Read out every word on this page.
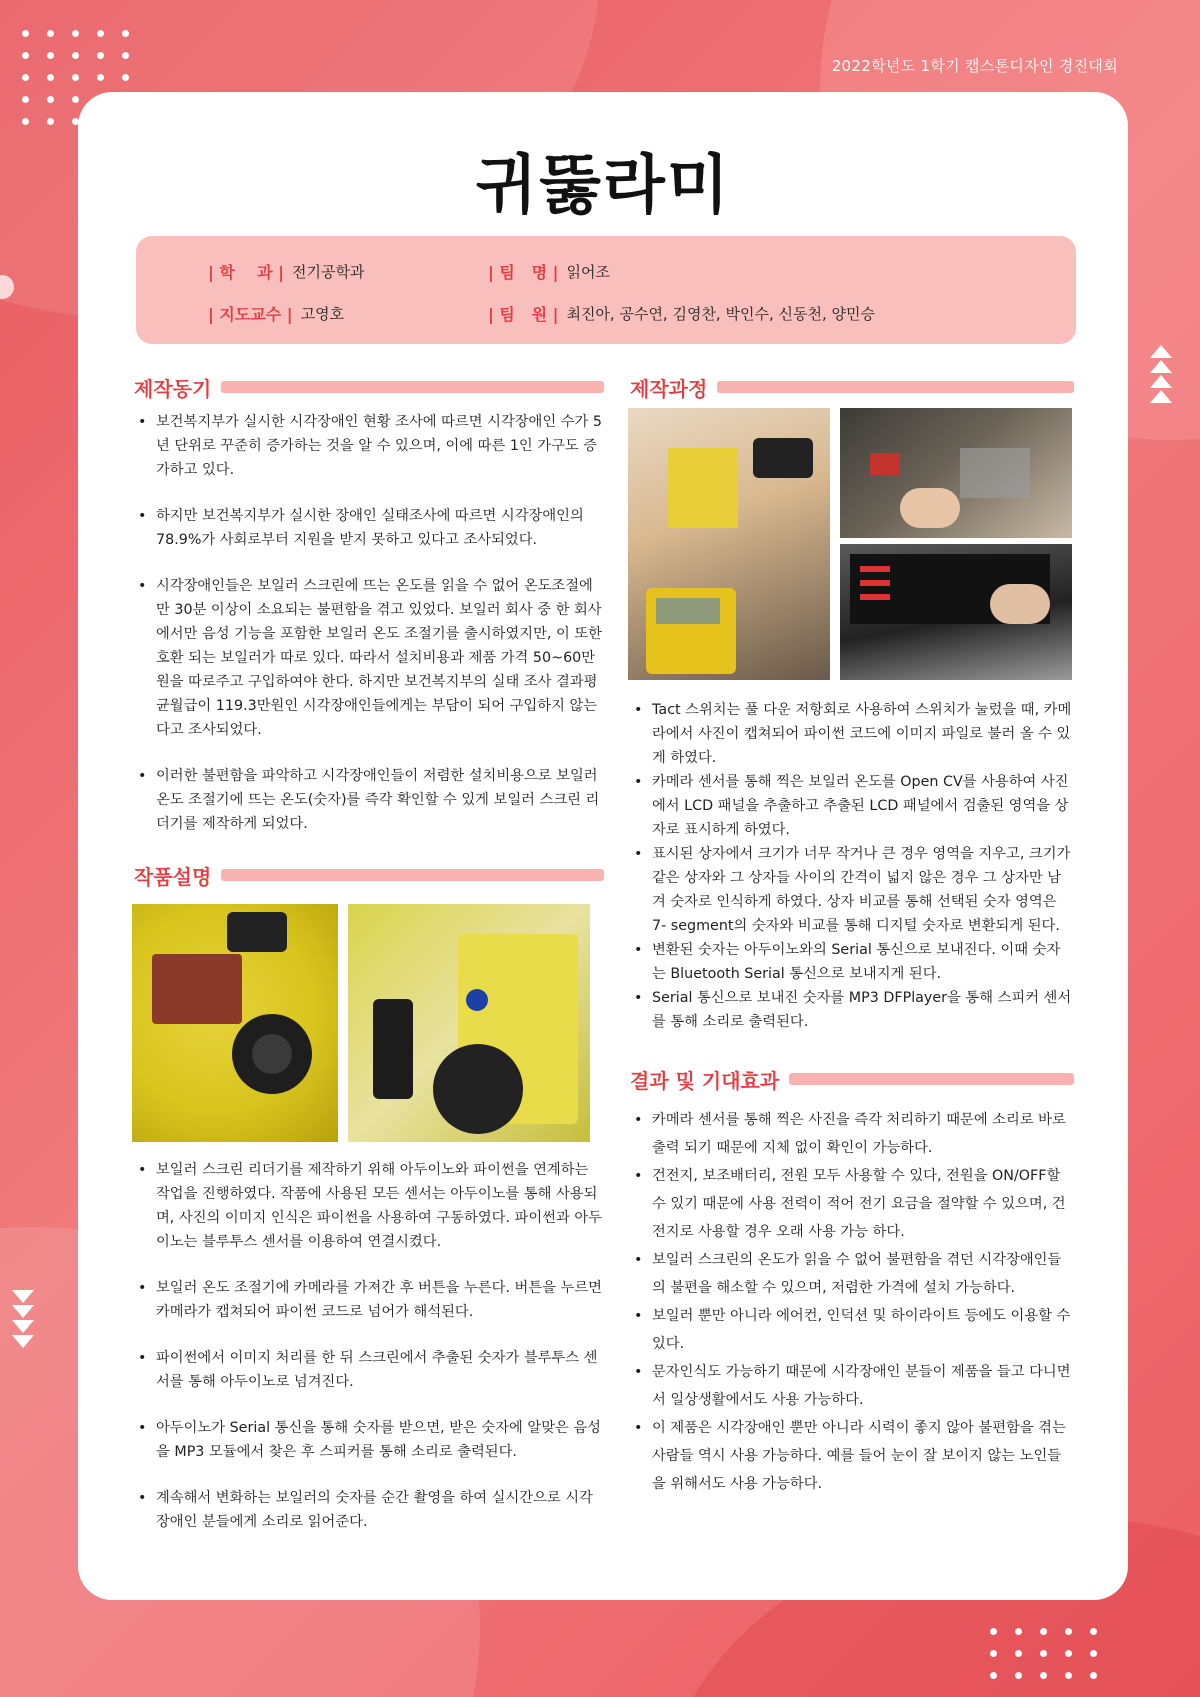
2022학년도 1학기 캡스톤디자인 경진대회
귀뚫라미
| 학    과 | 전기공학과
| 지도교수 | 고영호
| 팀   명 | 읽어조
| 팀   원 | 최진아, 공수연, 김영찬, 박인수, 신동천, 양민승
제작동기
• 보건복지부가 실시한 시각장애인 현황 조사에 따르면 시각장애인 수가 5년 단위로 꾸준히 증가하는 것을 알 수 있으며, 이에 따른 1인 가구도 증가하고 있다.
• 하지만 보건복지부가 실시한 장애인 실태조사에 따르면 시각장애인의 78.9%가 사회로부터 지원을 받지 못하고 있다고 조사되었다.
• 시각장애인들은 보일러 스크린에 뜨는 온도를 읽을 수 없어 온도조절에만 30분 이상이 소요되는 불편함을 겪고 있었다. 보일러 회사 중 한 회사에서만 음성 기능을 포함한 보일러 온도 조절기를 출시하였지만, 이 또한 호환 되는 보일러가 따로 있다. 따라서 설치비용과 제품 가격 50~60만원을 따로주고 구입하여야 한다. 하지만 보건복지부의 실태 조사 결과평균월급이 119.3만원인 시각장애인들에게는 부담이 되어 구입하지 않는다고 조사되었다.
• 이러한 불편함을 파악하고 시각장애인들이 저렴한 설치비용으로 보일러 온도 조절기에 뜨는 온도(숫자)를 즉각 확인할 수 있게 보일러 스크린 리더기를 제작하게 되었다.
작품설명
• 보일러 스크린 리더기를 제작하기 위해 아두이노와 파이썬을 연계하는 작업을 진행하였다. 작품에 사용된 모든 센서는 아두이노를 통해 사용되며, 사진의 이미지 인식은 파이썬을 사용하여 구동하였다. 파이썬과 아두이노는 블루투스 센서를 이용하여 연결시켰다.
• 보일러 온도 조절기에 카메라를 가져간 후 버튼을 누른다. 버튼을 누르면 카메라가 캡쳐되어 파이썬 코드로 넘어가 해석된다.
• 파이썬에서 이미지 처리를 한 뒤 스크린에서 추출된 숫자가 블루투스 센서를 통해 아두이노로 넘겨진다.
• 아두이노가 Serial 통신을 통해 숫자를 받으면, 받은 숫자에 알맞은 음성을 MP3 모듈에서 찾은 후 스피커를 통해 소리로 출력된다.
• 계속해서 변화하는 보일러의 숫자를 순간 촬영을 하여 실시간으로 시각장애인 분들에게 소리로 읽어준다.
제작과정
• Tact 스위치는 풀 다운 저항회로 사용하여 스위치가 눌렀을 때, 카메라에서 사진이 캡쳐되어 파이썬 코드에 이미지 파일로 불러 올 수 있게 하였다.
• 카메라 센서를 통해 찍은 보일러 온도를 Open CV를 사용하여 사진에서 LCD 패널을 추출하고 추출된 LCD 패널에서 검출된 영역을 상자로 표시하게 하였다.
• 표시된 상자에서 크기가 너무 작거나 큰 경우 영역을 지우고, 크기가 같은 상자와 그 상자들 사이의 간격이 넓지 않은 경우 그 상자만 남겨 숫자로 인식하게 하였다. 상자 비교를 통해 선택된 숫자 영역은 7- segment의 숫자와 비교를 통해 디지털 숫자로 변환되게 된다.
• 변환된 숫자는 아두이노와의 Serial 통신으로 보내진다. 이때 숫자는 Bluetooth Serial 통신으로 보내지게 된다.
• Serial 통신으로 보내진 숫자를 MP3 DFPlayer을 통해 스피커 센서를 통해 소리로 출력된다.
결과 및 기대효과
• 카메라 센서를 통해 찍은 사진을 즉각 처리하기 때문에 소리로 바로 출력 되기 때문에 지체 없이 확인이 가능하다.
• 건전지, 보조배터리, 전원 모두 사용할 수 있다, 전원을 ON/OFF할 수 있기 때문에 사용 전력이 적어 전기 요금을 절약할 수 있으며, 건전지로 사용할 경우 오래 사용 가능 하다.
• 보일러 스크린의 온도가 읽을 수 없어 불편함을 겪던 시각장애인들의 불편을 해소할 수 있으며, 저렴한 가격에 설치 가능하다.
• 보일러 뿐만 아니라 에어컨, 인덕션 및 하이라이트 등에도 이용할 수 있다.
• 문자인식도 가능하기 때문에 시각장애인 분들이 제품을 들고 다니면서 일상생활에서도 사용 가능하다.
• 이 제품은 시각장애인 뿐만 아니라 시력이 좋지 않아 불편함을 겪는 사람들 역시 사용 가능하다. 예를 들어 눈이 잘 보이지 않는 노인들을 위해서도 사용 가능하다.
